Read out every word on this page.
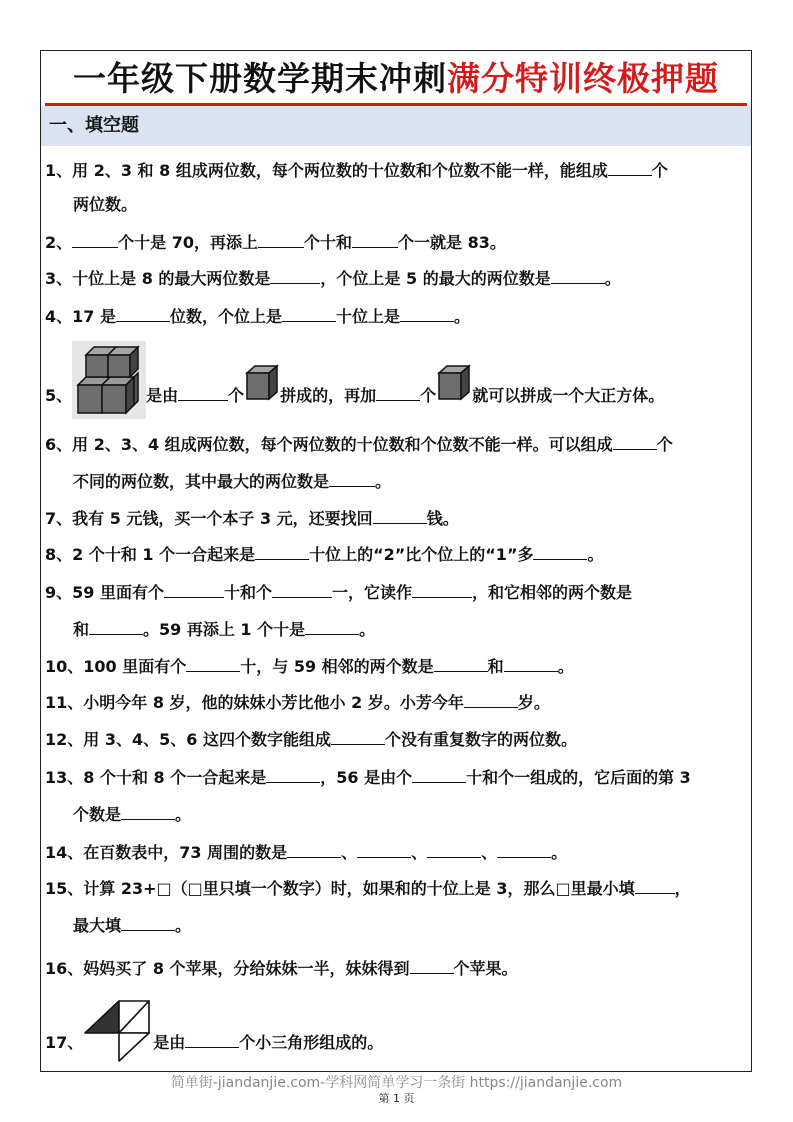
一年级下册数学期末冲刺满分特训终极押题
一、填空题
1、用 2、3 和 8 组成两位数，每个两位数的十位数和个位数不能一样，能组成	个
两位数。
2、	个十是 70，再添上	个十和	个一就是 83。
3、十位上是 8 的最大两位数是	，个位上是 5 的最大的两位数是	。
4、17 是	位数，个位上是	十位上是	。
5、	是由	个 拼成的，再加	个 就可以拼成一个大正方体。
6、用 2、3、4 组成两位数，每个两位数的十位数和个位数不能一样。可以组成	个
不同的两位数，其中最大的两位数是	。
7、我有 5 元钱，买一个本子 3 元，还要找回	钱。
8、2 个十和 1 个一合起来是	十位上的“2”比个位上的“1”多	。
9、59 里面有个	十和个	一，它读作	，和它相邻的两个数是
和	。59 再添上 1 个十是	。
10、100 里面有个	十，与 59 相邻的两个数是	和	。
11、小明今年 8 岁，他的妹妹小芳比他小 2 岁。小芳今年	岁。
12、用 3、4、5、6 这四个数字能组成	个没有重复数字的两位数。
13、8 个十和 8 个一合起来是	，56 是由个	十和个一组成的，它后面的第 3
个数是	。
14、在百数表中，73 周围的数是	、	、	、	。
15、计算 23+□（□里只填一个数字）时，如果和的十位上是 3，那么□里最小填	，
最大填	。
16、妈妈买了 8 个苹果，分给妹妹一半，妹妹得到	个苹果。
17、	是由	个小三角形组成的。
简单街-jiandanjie.com-学科网简单学习一条街 https://jiandanjie.com
第 1 页
